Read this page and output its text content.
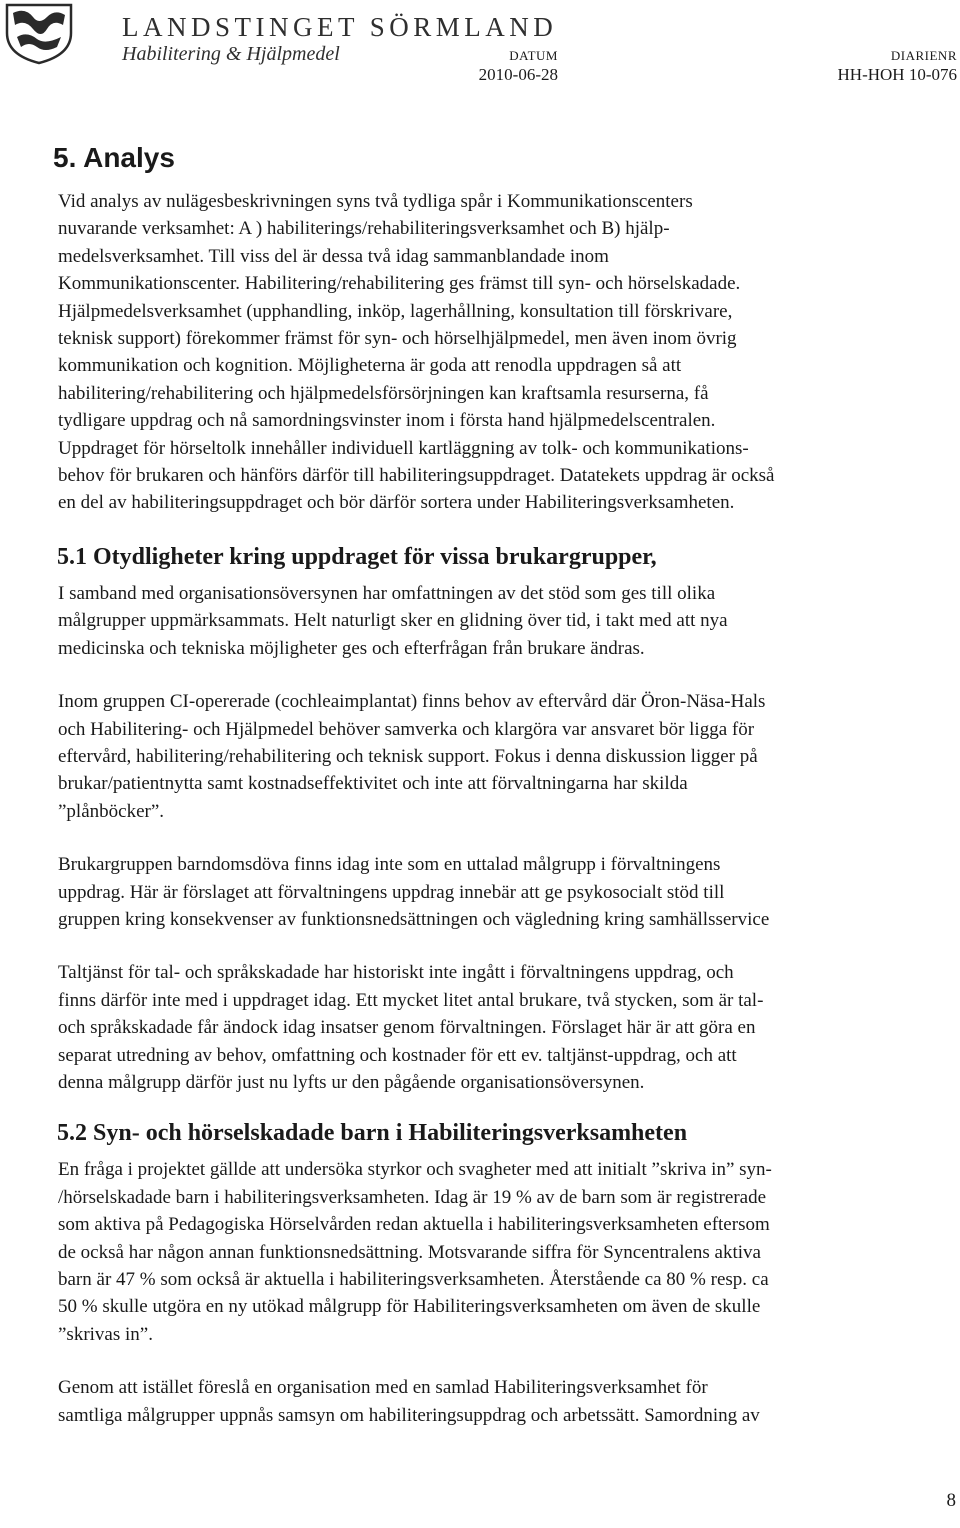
LANDSTINGET SÖRMLAND
Habilitering & Hjälpmedel	DATUM
2010-06-28
DIARIENR
HH-HOH 10-076
5. Analys
Vid analys av nulägesbeskrivningen syns två tydliga spår i Kommunikationscenters
nuvarande verksamhet: A ) habiliterings/rehabiliteringsverksamhet och B) hjälp-
medelsverksamhet. Till viss del är dessa två idag sammanblandade inom
Kommunikationscenter. Habilitering/rehabilitering ges främst till syn- och hörselskadade.
Hjälpmedelsverksamhet (upphandling, inköp, lagerhållning, konsultation till förskrivare,
teknisk support) förekommer främst för syn- och hörselhjälpmedel, men även inom övrig
kommunikation och kognition. Möjligheterna är goda att renodla uppdragen så att
habilitering/rehabilitering och hjälpmedelsförsörjningen kan kraftsamla resurserna, få
tydligare uppdrag och nå samordningsvinster inom i första hand hjälpmedelscentralen.
Uppdraget för hörseltolk innehåller individuell kartläggning av tolk- och kommunikations-
behov för brukaren och hänförs därför till habiliteringsuppdraget. Datatekets uppdrag är också
en del av habiliteringsuppdraget och bör därför sortera under Habiliteringsverksamheten.
5.1 Otydligheter kring uppdraget för vissa brukargrupper,
I samband med organisationsöversynen har omfattningen av det stöd som ges till olika
målgrupper uppmärksammats. Helt naturligt sker en glidning över tid, i takt med att nya
medicinska och tekniska möjligheter ges och efterfrågan från brukare ändras.
Inom gruppen CI-opererade (cochleaimplantat) finns behov av eftervård där Öron-Näsa-Hals
och Habilitering- och Hjälpmedel behöver samverka och klargöra var ansvaret bör ligga för
eftervård, habilitering/rehabilitering och teknisk support. Fokus i denna diskussion ligger på
brukar/patientnytta samt kostnadseffektivitet och inte att förvaltningarna har skilda
”plånböcker”.
Brukargruppen barndomsdöva finns idag inte som en uttalad målgrupp i förvaltningens
uppdrag. Här är förslaget att förvaltningens uppdrag innebär att ge psykosocialt stöd till
gruppen kring konsekvenser av funktionsnedsättningen och vägledning kring samhällsservice
Taltjänst för tal- och språkskadade har historiskt inte ingått i förvaltningens uppdrag, och
finns därför inte med i uppdraget idag. Ett mycket litet antal brukare, två stycken, som är tal-
och språkskadade får ändock idag insatser genom förvaltningen. Förslaget här är att göra en
separat utredning av behov, omfattning och kostnader för ett ev. taltjänst-uppdrag, och att
denna målgrupp därför just nu lyfts ur den pågående organisationsöversynen.
5.2 Syn- och hörselskadade barn i Habiliteringsverksamheten
En fråga i projektet gällde att undersöka styrkor och svagheter med att initialt ”skriva in” syn-
/hörselskadade barn i habiliteringsverksamheten. Idag är 19 % av de barn som är registrerade
som aktiva på Pedagogiska Hörselvården redan aktuella i habiliteringsverksamheten eftersom
de också har någon annan funktionsnedsättning. Motsvarande siffra för Syncentralens aktiva
barn är 47 % som också är aktuella i habiliteringsverksamheten. Återstående ca 80 % resp. ca
50 % skulle utgöra en ny utökad målgrupp för Habiliteringsverksamheten om även de skulle
”skrivas in”.
Genom att istället föreslå en organisation med en samlad Habiliteringsverksamhet för
samtliga målgrupper uppnås samsyn om habiliteringsuppdrag och arbetssätt. Samordning av
8
